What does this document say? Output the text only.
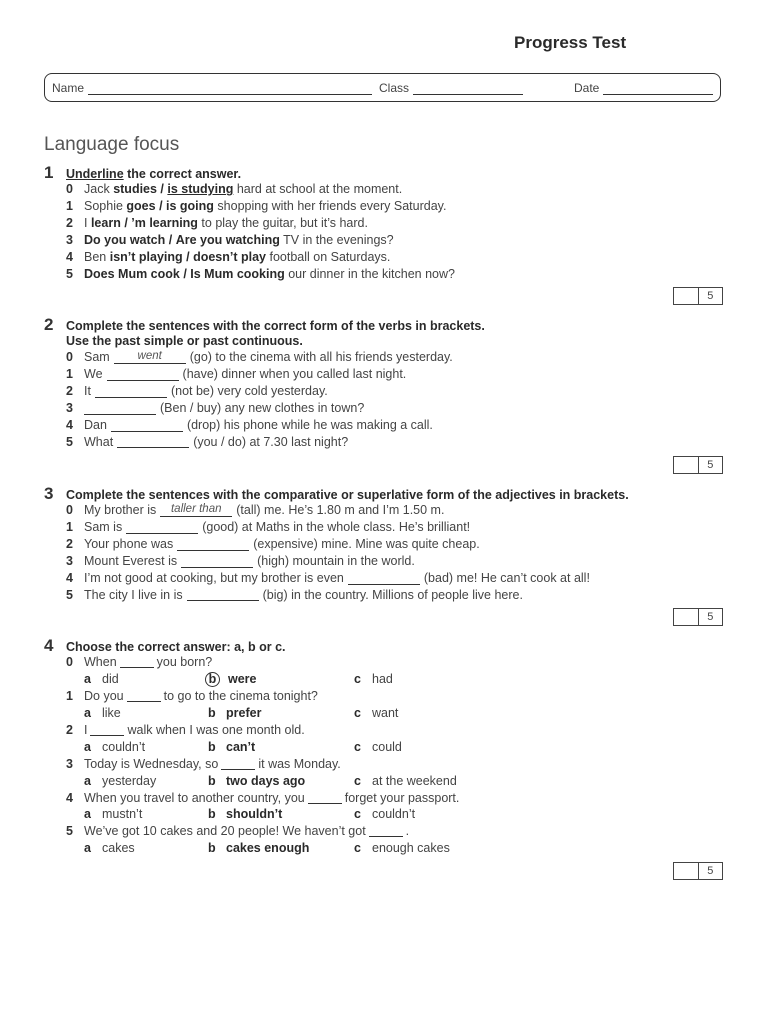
Progress Test
Name	Class	Date
Language focus
1	Underline the correct answer.
0 Jack studies / is studying hard at school at the moment.
1 Sophie goes / is going shopping with her friends every Saturday.
2 I learn / ’m learning to play the guitar, but it’s hard.
3 Do you watch / Are you watching TV in the evenings?
4 Ben isn’t playing / doesn’t play football on Saturdays.
5 Does Mum cook / Is Mum cooking our dinner in the kitchen now?
5
2	Complete the sentences with the correct form of the verbs in brackets.
Use the past simple or past continuous.
0 Sam	went	(go) to the cinema with all his friends yesterday.
1 We	(have) dinner when you called last night.
2 It	(not be) very cold yesterday.
3	(Ben / buy) any new clothes in town?
4 Dan	(drop) his phone while he was making a call.
5 What	(you / do) at 7.30 last night?
5
3	Complete the sentences with the comparative or superlative form of the adjectives in brackets.
0 My brother is	taller than	(tall) me. He’s 1.80 m and I’m 1.50 m.
1 Sam is	(good) at Maths in the whole class. He’s brilliant!
2 Your phone was	(expensive) mine. Mine was quite cheap.
3 Mount Everest is	(high) mountain in the world.
4 I’m not good at cooking, but my brother is even	(bad) me! He can’t cook at all!
5 The city I live in is	(big) in the country. Millions of people live here.
5
4	Choose the correct answer: a, b or c.
0 When	you born?
a did	b were	c had
1 Do you	to go to the cinema tonight?
a like	b prefer	c want
2 I	walk when I was one month old.
a couldn’t	b can’t	c could
3 Today is Wednesday, so	it was Monday.
a yesterday	b two days ago	c at the weekend
4 When you travel to another country, you	forget your passport.
a mustn’t	b shouldn’t	c couldn’t
5 We’ve got 10 cakes and 20 people! We haven’t got	.
a cakes	b cakes enough	c enough cakes
5
